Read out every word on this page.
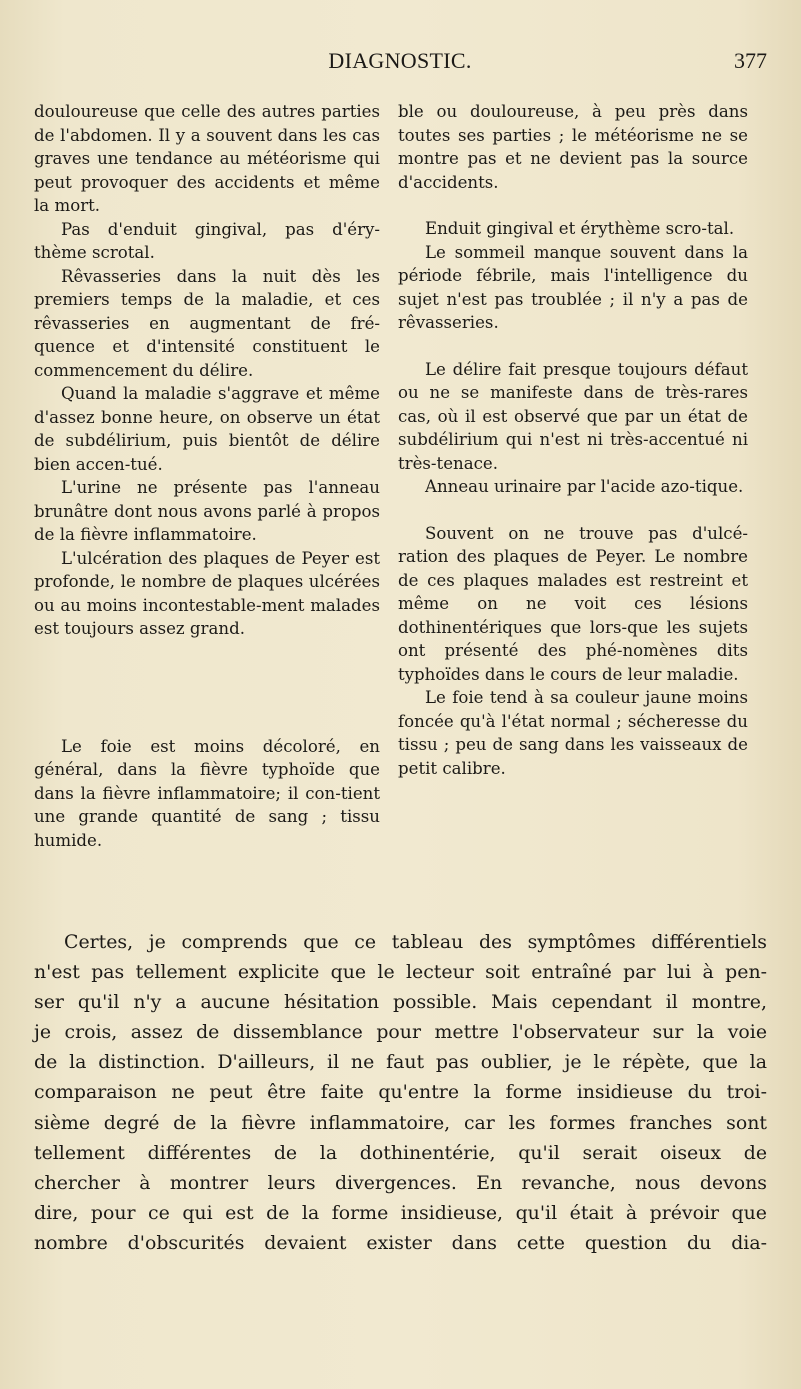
DIAGNOSTIC.	377

douloureuse que celle des autres parties de l'abdomen. Il y a souvent dans les cas graves une tendance au météorisme qui peut provoquer des accidents et même la mort.

Pas d'enduit gingival, pas d'éry-thème scrotal.

Rêvasseries dans la nuit dès les premiers temps de la maladie, et ces rêvasseries en augmentant de fré-quence et d'intensité constituent le commencement du délire.

Quand la maladie s'aggrave et même d'assez bonne heure, on observe un état de subdélirium, puis bientôt de délire bien accen-tué.

L'urine ne présente pas l'anneau brunâtre dont nous avons parlé à propos de la fièvre inflammatoire.

L'ulcération des plaques de Peyer est profonde, le nombre de plaques ulcérées ou au moins incontestable-ment malades est toujours assez grand.

Le foie est moins décoloré, en général, dans la fièvre typhoïde que dans la fièvre inflammatoire; il con-tient une grande quantité de sang ; tissu humide.

ble ou douloureuse, à peu près dans toutes ses parties ; le météorisme ne se montre pas et ne devient pas la source d'accidents.

Enduit gingival et érythème scro-tal.

Le sommeil manque souvent dans la période fébrile, mais l'intelligence du sujet n'est pas troublée ; il n'y a pas de rêvasseries.

Le délire fait presque toujours défaut ou ne se manifeste dans de très-rares cas, où il est observé que par un état de subdélirium qui n'est ni très-accentué ni très-tenace.

Anneau urinaire par l'acide azo-tique.

Souvent on ne trouve pas d'ulcé-ration des plaques de Peyer. Le nombre de ces plaques malades est restreint et même on ne voit ces lésions dothinentériques que lors-que les sujets ont présenté des phé-nomènes dits typhoïdes dans le cours de leur maladie.

Le foie tend à sa couleur jaune moins foncée qu'à l'état normal ; sécheresse du tissu ; peu de sang dans les vaisseaux de petit calibre.

Certes, je comprends que ce tableau des symptômes différentiels
n'est pas tellement explicite que le lecteur soit entraîné par lui à pen-
ser qu'il n'y a aucune hésitation possible. Mais cependant il montre,
je crois, assez de dissemblance pour mettre l'observateur sur la voie
de la distinction. D'ailleurs, il ne faut pas oublier, je le répète, que la
comparaison ne peut être faite qu'entre la forme insidieuse du troi-
sième degré de la fièvre inflammatoire, car les formes franches sont
tellement différentes de la dothinentérie, qu'il serait oiseux de
chercher à montrer leurs divergences. En revanche, nous devons
dire, pour ce qui est de la forme insidieuse, qu'il était à prévoir que
nombre d'obscurités devaient exister dans cette question du dia-
